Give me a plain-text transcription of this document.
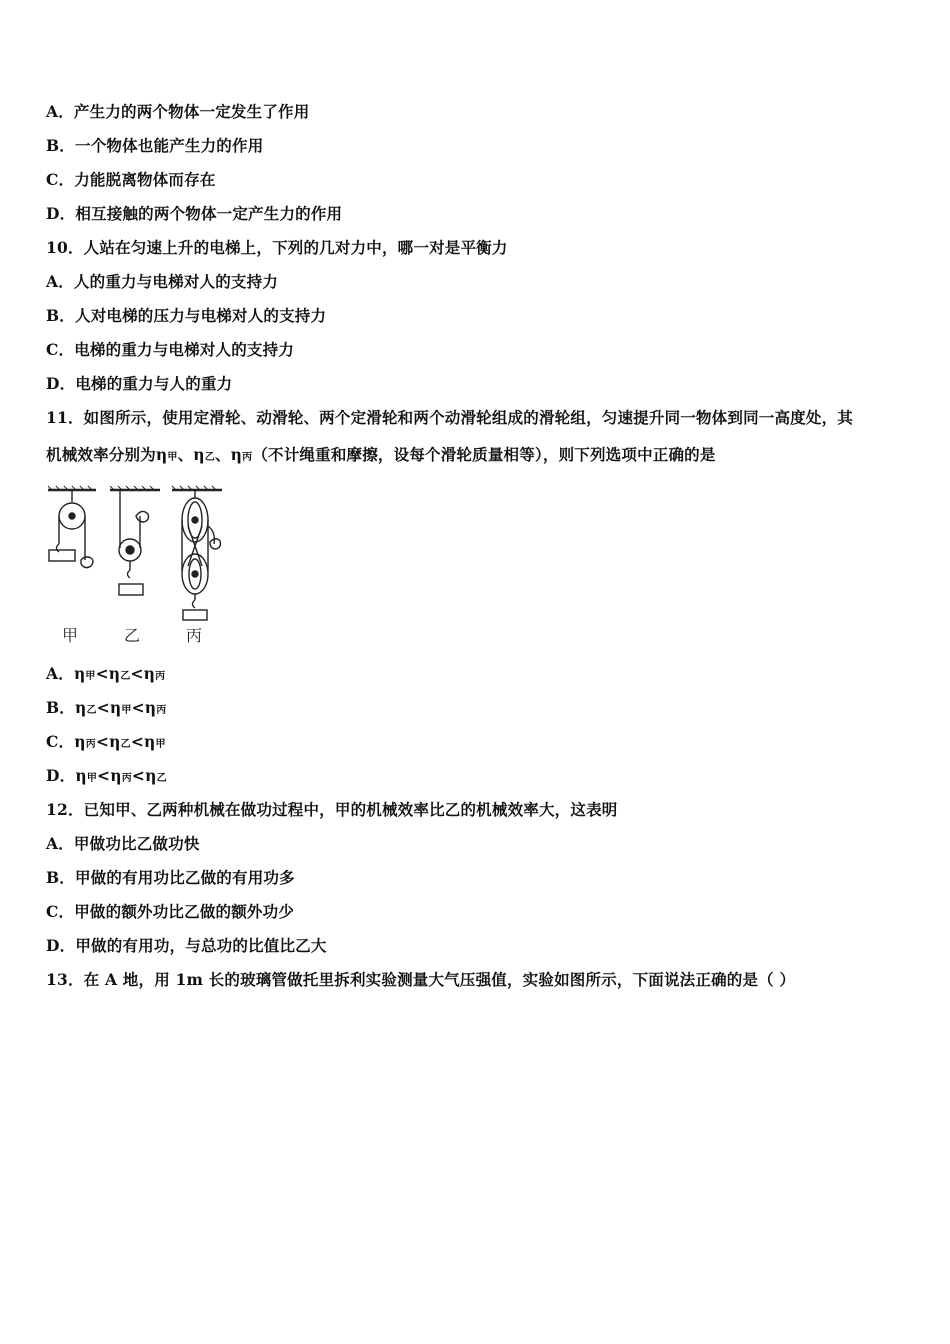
A．产生力的两个物体一定发生了作用
B．一个物体也能产生力的作用
C．力能脱离物体而存在
D．相互接触的两个物体一定产生力的作用
10．人站在匀速上升的电梯上，下列的几对力中，哪一对是平衡力
A．人的重力与电梯对人的支持力
B．人对电梯的压力与电梯对人的支持力
C．电梯的重力与电梯对人的支持力
D．电梯的重力与人的重力
11．如图所示，使用定滑轮、动滑轮、两个定滑轮和两个动滑轮组成的滑轮组，匀速提升同一物体到同一高度处，其
机械效率分别为η甲、η乙、η丙（不计绳重和摩擦，设每个滑轮质量相等），则下列选项中正确的是
甲	乙	丙
A．η甲<η乙<η丙
B．η乙<η甲<η丙
C．η丙<η乙<η甲
D．η甲<η丙<η乙
12．已知甲、乙两种机械在做功过程中，甲的机械效率比乙的机械效率大，这表明
A．甲做功比乙做功快
B．甲做的有用功比乙做的有用功多
C．甲做的额外功比乙做的额外功少
D．甲做的有用功，与总功的比值比乙大
13．在 A 地，用 1m 长的玻璃管做托里拆利实验测量大气压强值，实验如图所示，下面说法正确的是（ ）
